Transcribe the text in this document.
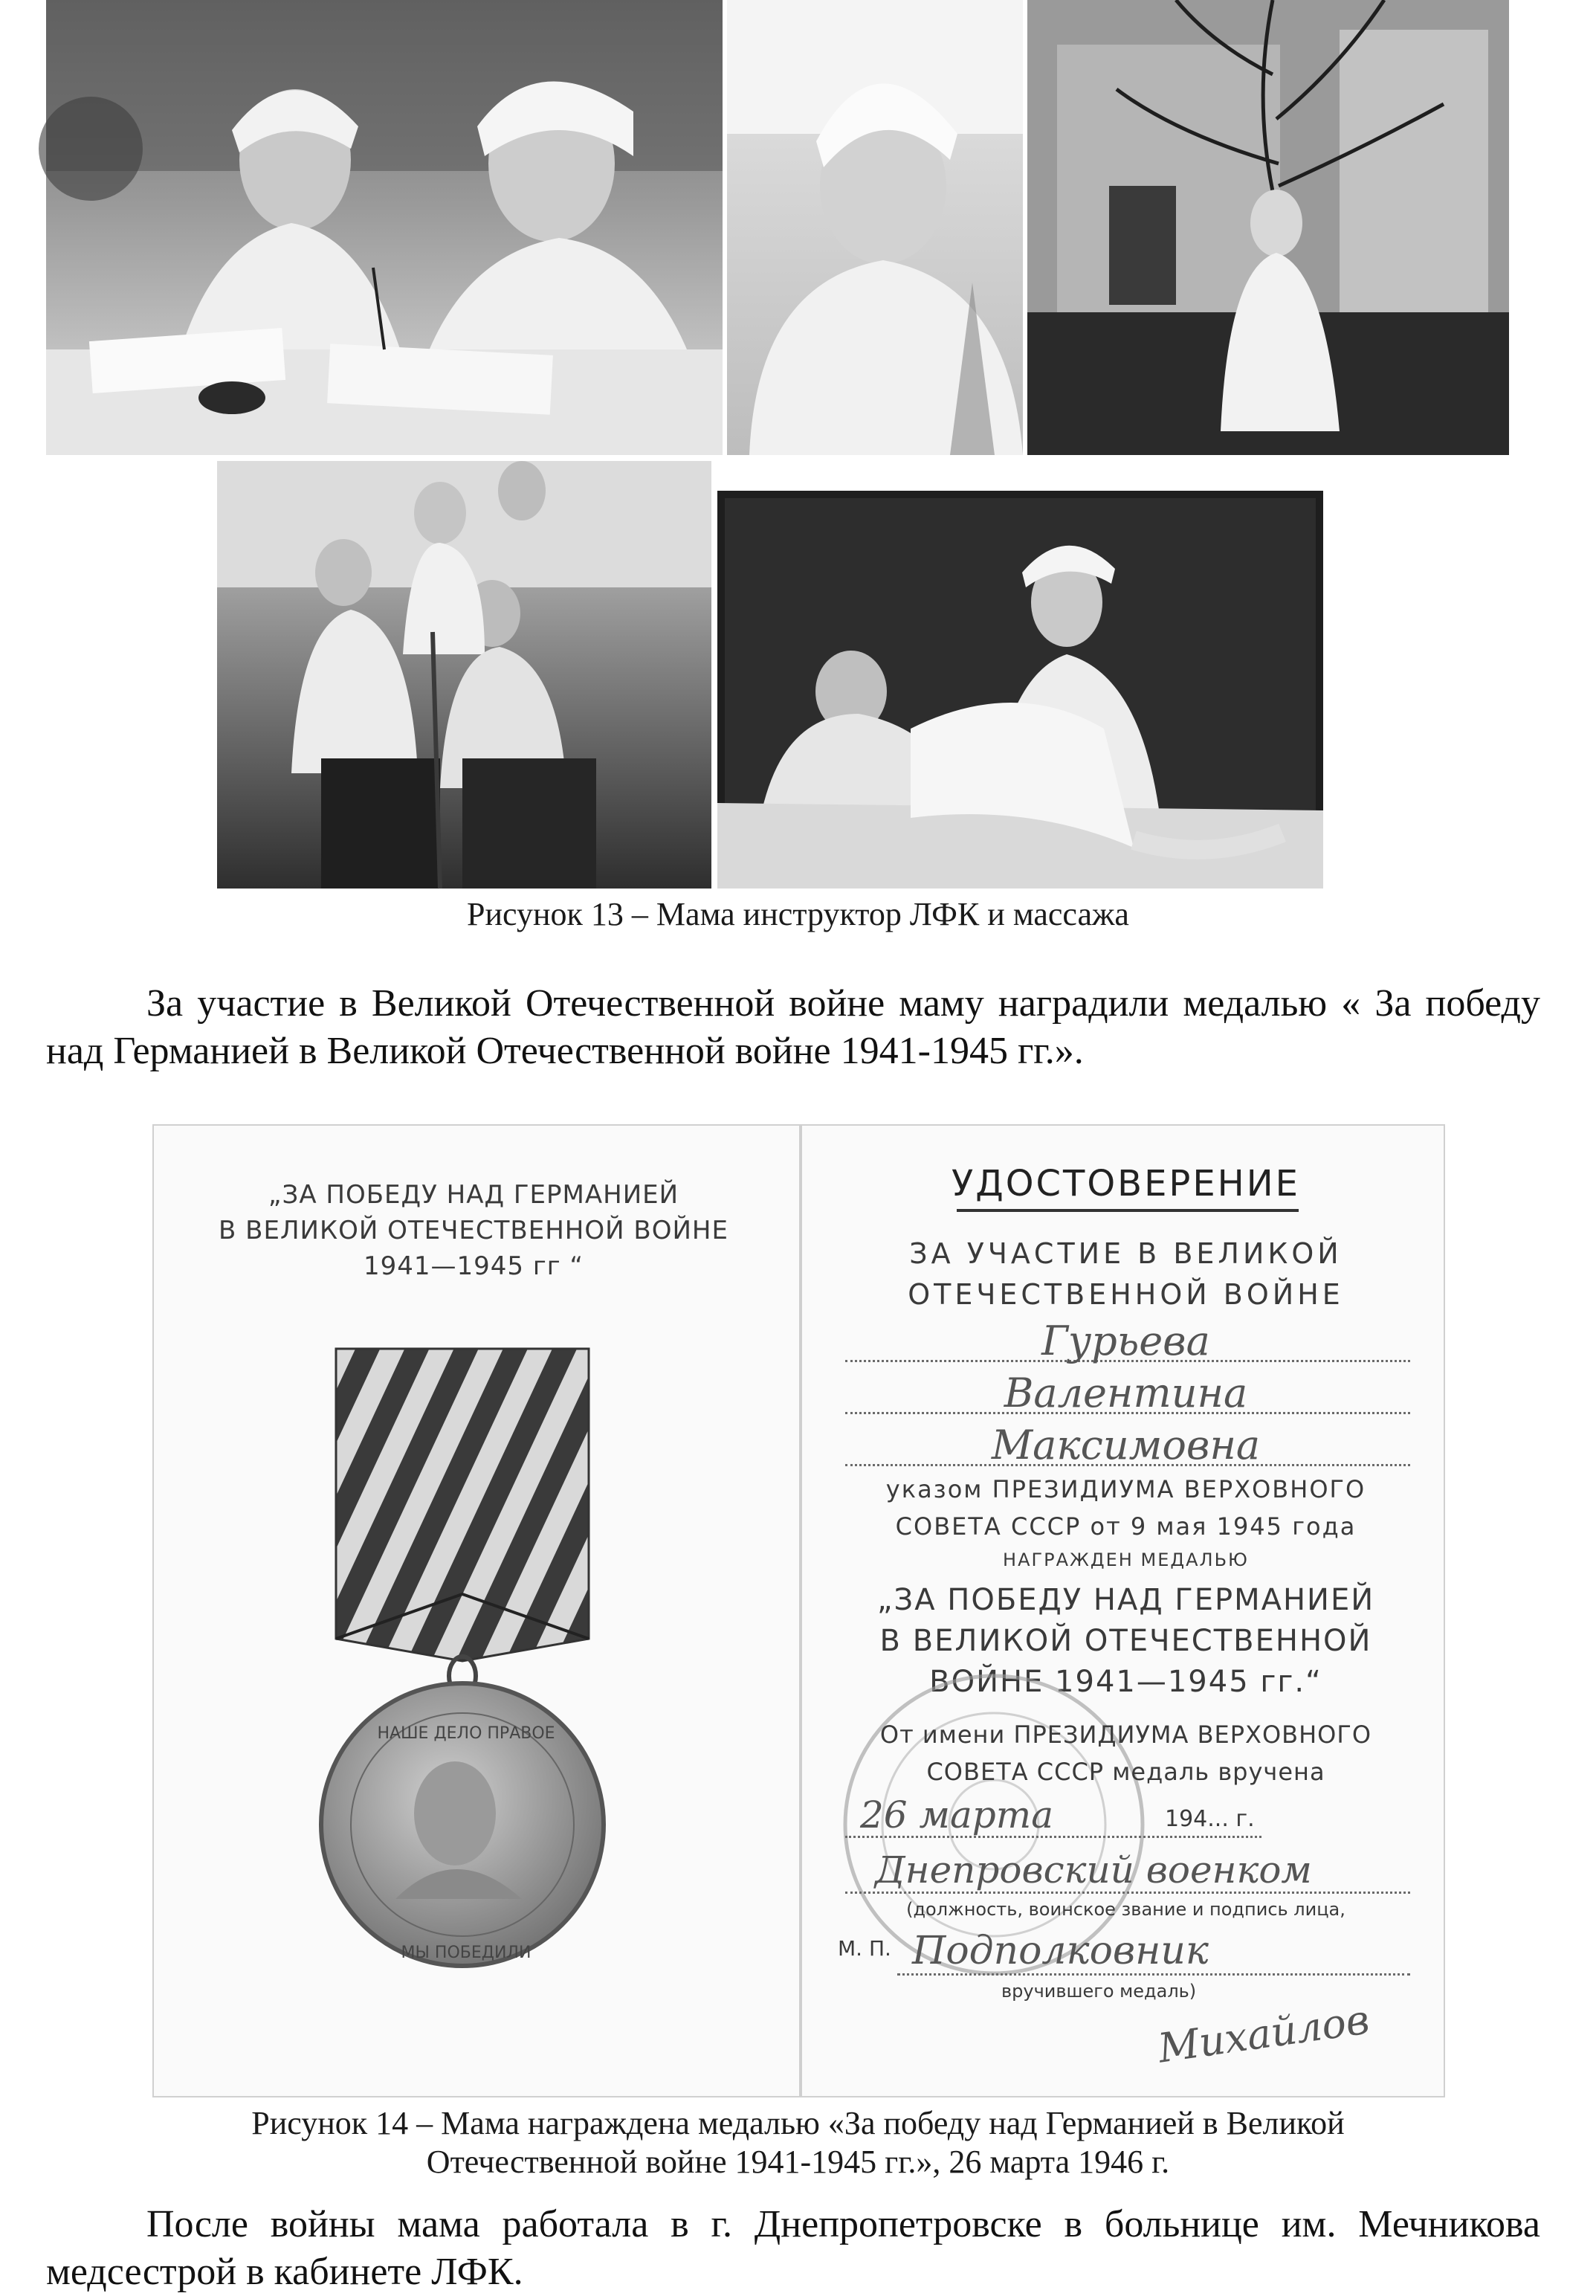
Рисунок 13 – Мама инструктор ЛФК и массажа

За участие в Великой Отечественной войне маму наградили медалью « За победу над Германией в Великой Отечественной войне 1941-1945 гг.».

„ЗА ПОБЕДУ НАД ГЕРМАНИЕЙ
В ВЕЛИКОЙ ОТЕЧЕСТВЕННОЙ ВОЙНЕ
1941—1945 гг “
НАШЕ ДЕЛО ПРАВОЕ
МЫ ПОБЕДИЛИ
УДОСТОВЕРЕНИЕ
ЗА УЧАСТИЕ В ВЕЛИКОЙ
ОТЕЧЕСТВЕННОЙ ВОЙНЕ
Гурьева
Валентина
Максимовна
указом ПРЕЗИДИУМА ВЕРХОВНОГО
СОВЕТА СССР от 9 мая 1945 года
НАГРАЖДЕН МЕДАЛЬЮ
„ЗА ПОБЕДУ НАД ГЕРМАНИЕЙ
В ВЕЛИКОЙ ОТЕЧЕСТВЕННОЙ
ВОЙНЕ 1941—1945 гг.“
От имени ПРЕЗИДИУМА ВЕРХОВНОГО
СОВЕТА СССР медаль вручена
26 марта	194... г.
Днепровский военком
(должность, воинское звание и подпись лица,
М. П. Подполковник
вручившего медаль)
Михайлов
Рисунок 14 – Мама награждена медалью «За победу над Германией в Великой
Отечественной войне 1941-1945 гг.», 26 марта 1946 г.

После войны мама работала в г. Днепропетровске в больнице им. Мечникова медсестрой в кабинете ЛФК.
